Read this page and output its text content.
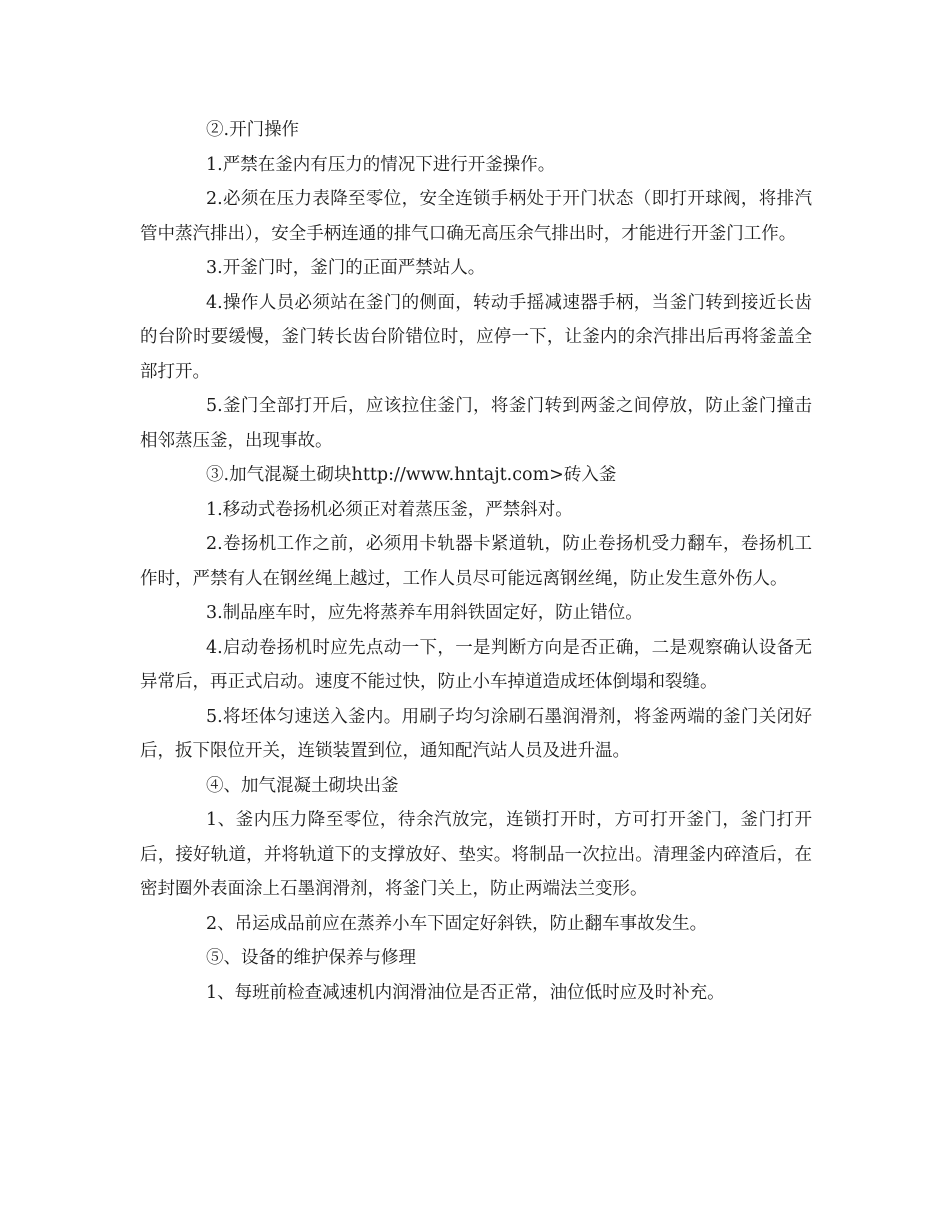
②.开门操作

1.严禁在釜内有压力的情况下进行开釜操作。

2.必须在压力表降至零位，安全连锁手柄处于开门状态（即打开球阀，将排汽管中蒸汽排出），安全手柄连通的排气口确无高压余气排出时，才能进行开釜门工作。

3.开釜门时，釜门的正面严禁站人。

4.操作人员必须站在釜门的侧面，转动手摇减速器手柄，当釜门转到接近长齿的台阶时要缓慢，釜门转长齿台阶错位时，应停一下，让釜内的余汽排出后再将釜盖全部打开。

5.釜门全部打开后，应该拉住釜门，将釜门转到两釜之间停放，防止釜门撞击相邻蒸压釜，出现事故。

③.加气混凝土砌块http://www.hntajt.com>砖入釜

1.移动式卷扬机必须正对着蒸压釜，严禁斜对。

2.卷扬机工作之前，必须用卡轨器卡紧道轨，防止卷扬机受力翻车，卷扬机工作时，严禁有人在钢丝绳上越过，工作人员尽可能远离钢丝绳，防止发生意外伤人。

3.制品座车时，应先将蒸养车用斜铁固定好，防止错位。

4.启动卷扬机时应先点动一下，一是判断方向是否正确，二是观察确认设备无异常后，再正式启动。速度不能过快，防止小车掉道造成坯体倒塌和裂缝。

5.将坯体匀速送入釜内。用刷子均匀涂刷石墨润滑剂，将釜两端的釜门关闭好后，扳下限位开关，连锁装置到位，通知配汽站人员及进升温。

④、加气混凝土砌块出釜

1、釜内压力降至零位，待余汽放完，连锁打开时，方可打开釜门，釜门打开后，接好轨道，并将轨道下的支撑放好、垫实。将制品一次拉出。清理釜内碎渣后，在密封圈外表面涂上石墨润滑剂，将釜门关上，防止两端法兰变形。

2、吊运成品前应在蒸养小车下固定好斜铁，防止翻车事故发生。

⑤、设备的维护保养与修理

1、每班前检查减速机内润滑油位是否正常，油位低时应及时补充。
